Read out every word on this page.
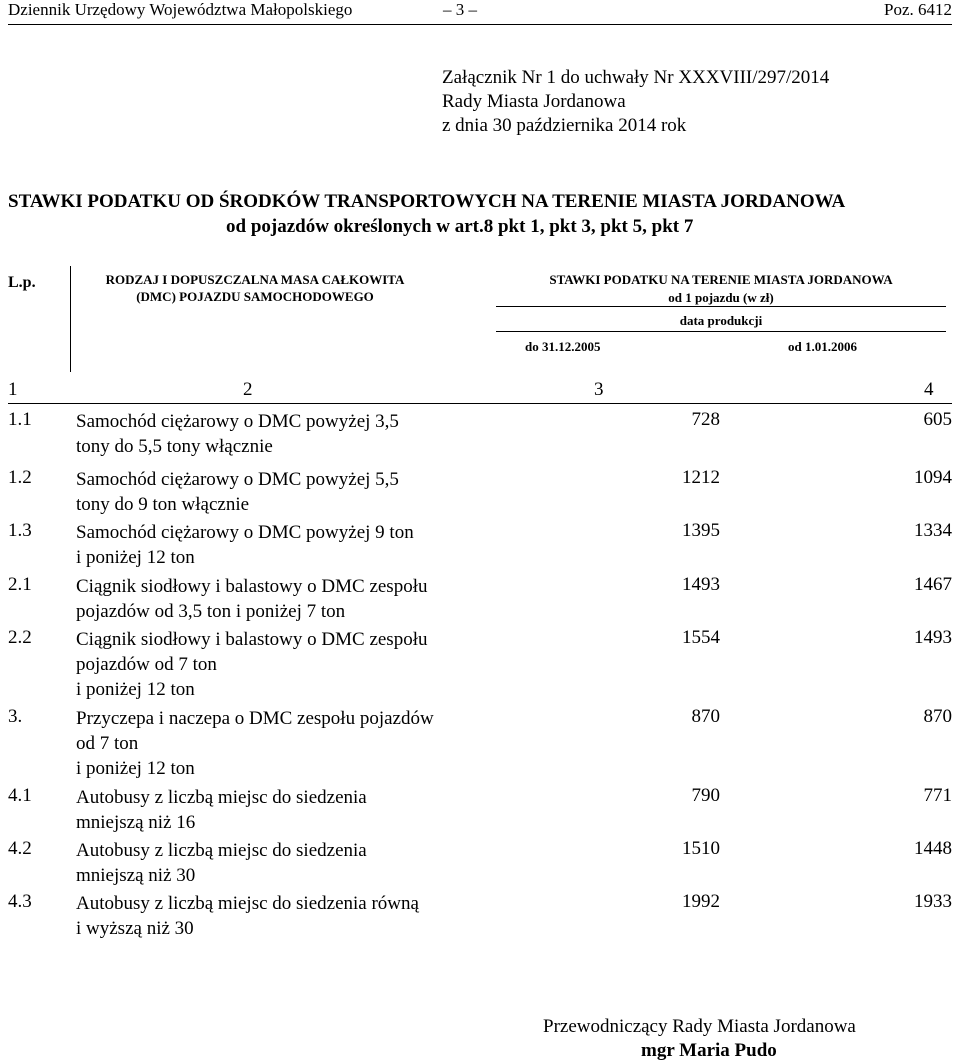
Dziennik Urzędowy Województwa Małopolskiego	– 3 –	Poz. 6412
Załącznik Nr 1 do uchwały Nr XXXVIII/297/2014
Rady Miasta Jordanowa
z dnia 30 października 2014 rok
STAWKI PODATKU OD ŚRODKÓW TRANSPORTOWYCH NA TERENIE MIASTA JORDANOWA
od pojazdów określonych w art.8 pkt 1, pkt 3, pkt 5, pkt 7
L.p.	RODZAJ I DOPUSZCZALNA MASA CAŁKOWITA
(DMC) POJAZDU SAMOCHODOWEGO
STAWKI PODATKU NA TERENIE MIASTA JORDANOWA
od 1 pojazdu (w zł)
data produkcji
do 31.12.2005	od 1.01.2006
1	2	3	4
1.1 Samochód ciężarowy o DMC powyżej 3,5
tony do 5,5 tony włącznie
728	605
1.2 Samochód ciężarowy o DMC powyżej 5,5
tony do 9 ton włącznie
1212	1094
1.3 Samochód ciężarowy o DMC powyżej 9 ton
i poniżej 12 ton
1395	1334
2.1 Ciągnik siodłowy i balastowy o DMC zespołu
pojazdów od 3,5 ton i poniżej 7 ton
1493	1467
2.2 Ciągnik siodłowy i balastowy o DMC zespołu
pojazdów od 7 ton
i poniżej 12 ton
1554	1493
3.	Przyczepa i naczepa o DMC zespołu pojazdów
od 7 ton
i poniżej 12 ton
870	870
4.1 Autobusy z liczbą miejsc do siedzenia
mniejszą niż 16
790	771
4.2 Autobusy z liczbą miejsc do siedzenia
mniejszą niż 30
1510	1448
4.3 Autobusy z liczbą miejsc do siedzenia równą
i wyższą niż 30
1992	1933
Przewodniczący Rady Miasta Jordanowa
mgr Maria Pudo
